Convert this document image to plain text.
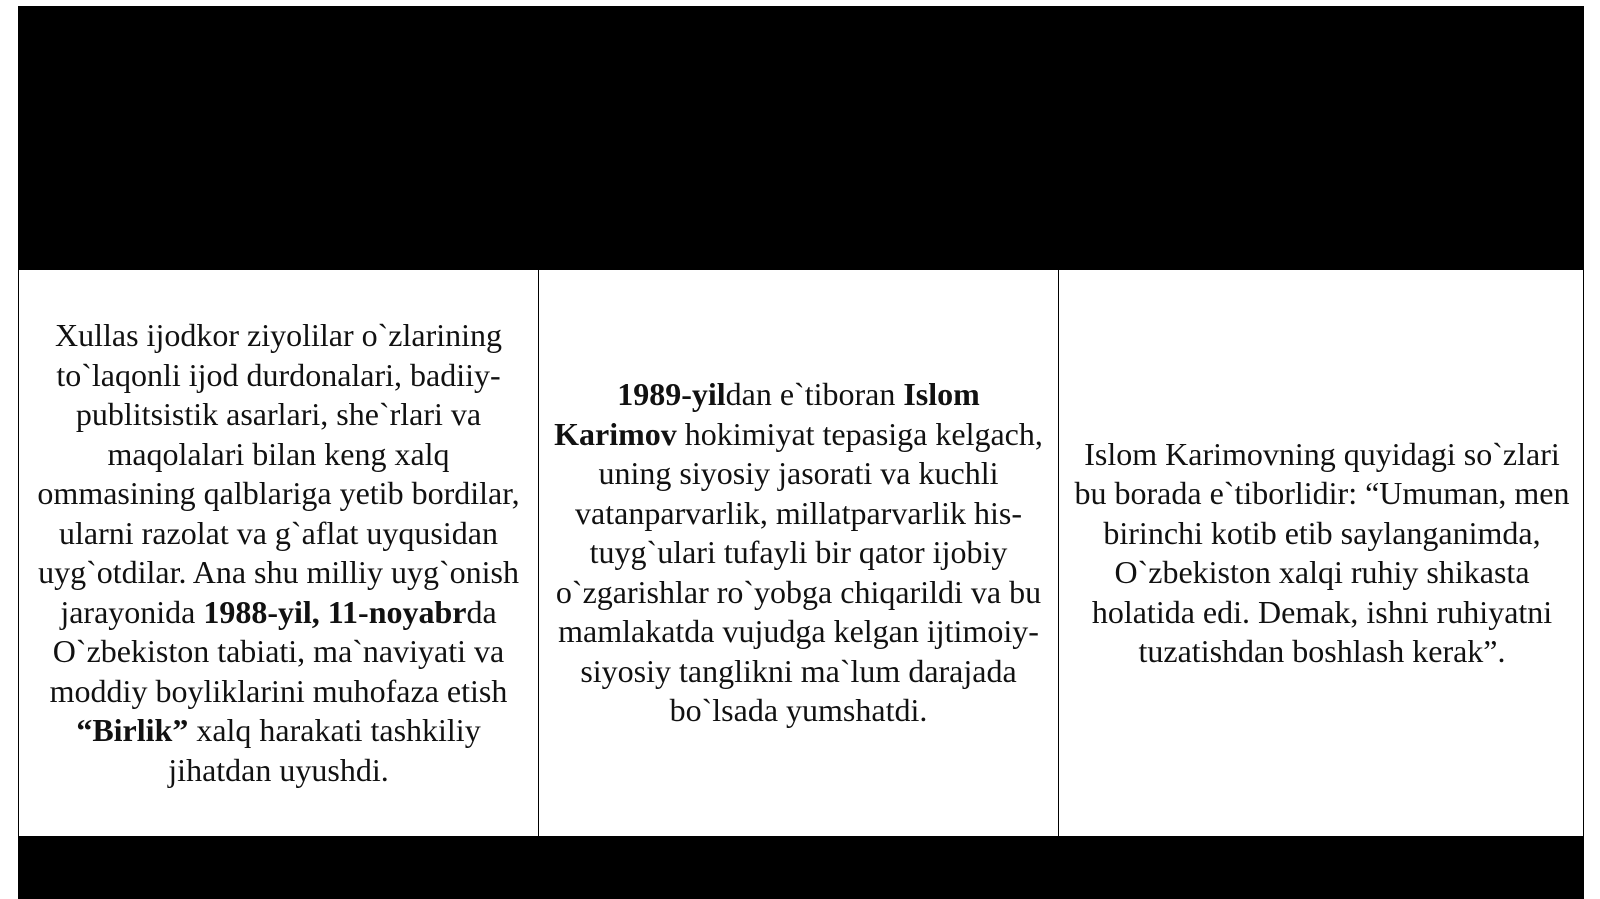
Xullas ijodkor ziyolilar o`zlarining to`laqonli ijod durdonalari, badiiy-publitsistik asarlari, she`rlari va maqolalari bilan keng xalq ommasining qalblariga yetib bordilar, ularni razolat va g`aflat uyqusidan uyg`otdilar. Ana shu milliy uyg`onish jarayonida 1988-yil, 11-noyabrda O`zbekiston tabiati, ma`naviyati va moddiy boyliklarini muhofaza etish “Birlik” xalq harakati tashkiliy jihatdan uyushdi.

1989-yildan e`tiboran Islom Karimov hokimiyat tepasiga kelgach, uning siyosiy jasorati va kuchli vatanparvarlik, millatparvarlik his-tuyg`ulari tufayli bir qator ijobiy o`zgarishlar ro`yobga chiqarildi va bu mamlakatda vujudga kelgan ijtimoiy-siyosiy tanglikni ma`lum darajada bo`lsada yumshatdi.

Islom Karimovning quyidagi so`zlari bu borada e`tiborlidir: “Umuman, men birinchi kotib etib saylanganimda, O`zbekiston xalqi ruhiy shikasta holatida edi. Demak, ishni ruhiyatni tuzatishdan boshlash kerak”.
